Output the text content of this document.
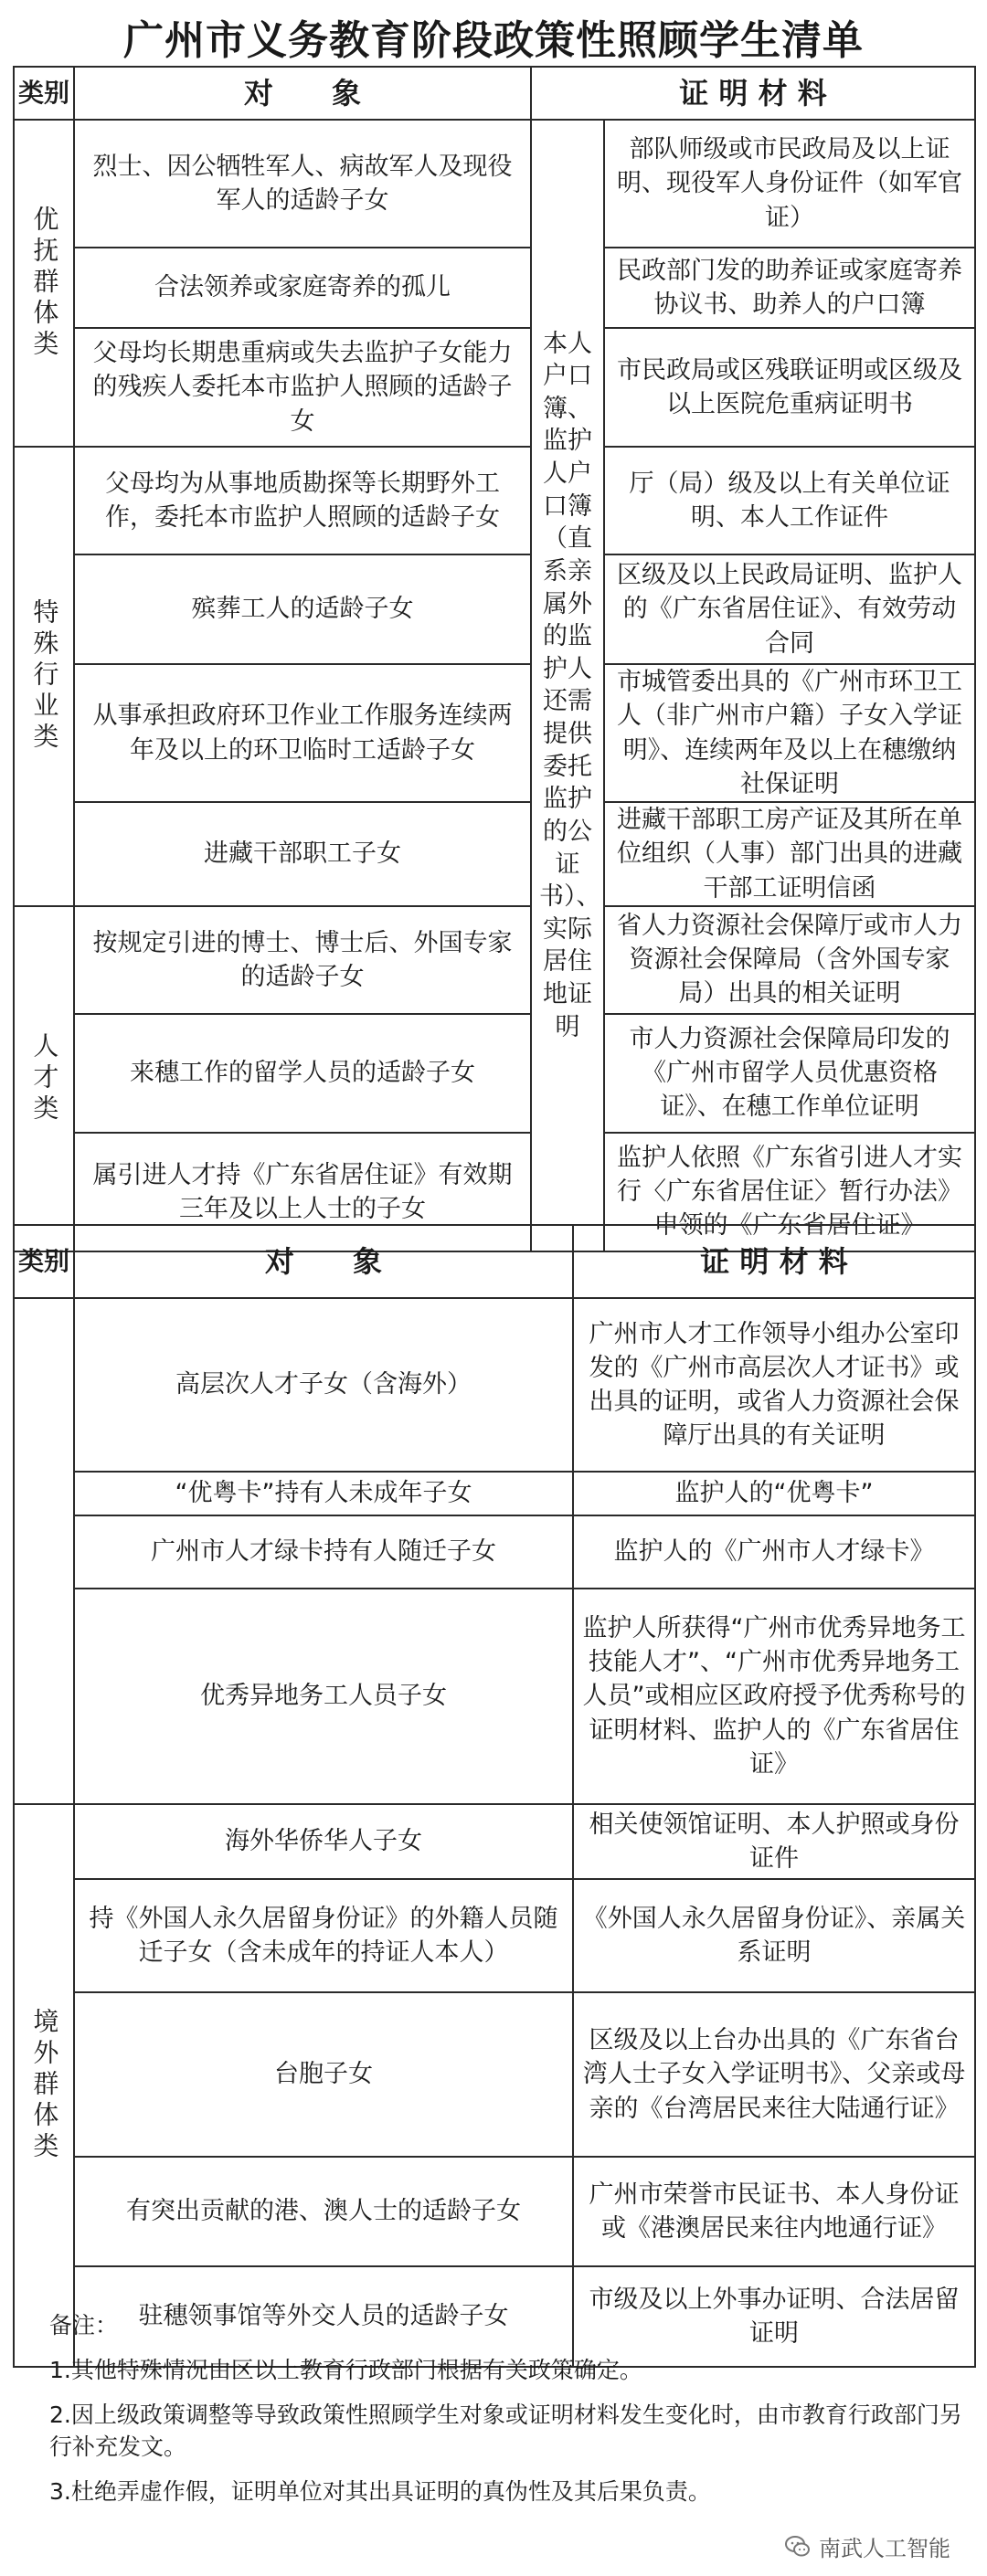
广州市义务教育阶段政策性照顾学生清单
类别	对　　象	证 明 材 料	
优抚群体类	烈士、因公牺牲军人、病故军人及现役军人的适龄子女	本人户口簿、监护人户口簿（直系亲属外的监护人还需提供委托监护的公证书）、实际居住地证明	部队师级或市民政局及以上证明、现役军人身份证件（如军官证）
	合法领养或家庭寄养的孤儿		民政部门发的助养证或家庭寄养协议书、助养人的户口簿
	父母均长期患重病或失去监护子女能力的残疾人委托本市监护人照顾的适龄子女		市民政局或区残联证明或区级及以上医院危重病证明书
特殊行业类	父母均为从事地质勘探等长期野外工作，委托本市监护人照顾的适龄子女		厅（局）级及以上有关单位证明、本人工作证件
	殡葬工人的适龄子女		区级及以上民政局证明、监护人的《广东省居住证》、有效劳动合同
	从事承担政府环卫作业工作服务连续两年及以上的环卫临时工适龄子女		市城管委出具的《广州市环卫工人（非广州市户籍）子女入学证明》、连续两年及以上在穗缴纳社保证明
	进藏干部职工子女		进藏干部职工房产证及其所在单位组织（人事）部门出具的进藏干部工证明信函
人才类	按规定引进的博士、博士后、外国专家的适龄子女		省人力资源社会保障厅或市人力资源社会保障局（含外国专家局）出具的相关证明
	来穗工作的留学人员的适龄子女		市人力资源社会保障局印发的《广州市留学人员优惠资格证》、在穗工作单位证明
	属引进人才持《广东省居住证》有效期三年及以上人士的子女		监护人依照《广东省引进人才实行〈广东省居住证〉暂行办法》申领的《广东省居住证》
类别	对　　象	证 明 材 料
	高层次人才子女（含海外）	广州市人才工作领导小组办公室印发的《广州市高层次人才证书》或出具的证明，或省人力资源社会保障厅出具的有关证明
	“优粤卡”持有人未成年子女	监护人的“优粤卡”
	广州市人才绿卡持有人随迁子女	监护人的《广州市人才绿卡》
	优秀异地务工人员子女	监护人所获得“广州市优秀异地务工技能人才”、“广州市优秀异地务工人员”或相应区政府授予优秀称号的证明材料、监护人的《广东省居住证》
境外群体类	海外华侨华人子女	相关使领馆证明、本人护照或身份证件
	持《外国人永久居留身份证》的外籍人员随迁子女（含未成年的持证人本人）	《外国人永久居留身份证》、亲属关系证明
	台胞子女	区级及以上台办出具的《广东省台湾人士子女入学证明书》、父亲或母亲的《台湾居民来往大陆通行证》
	有突出贡献的港、澳人士的适龄子女	广州市荣誉市民证书、本人身份证或《港澳居民来往内地通行证》
	驻穗领事馆等外交人员的适龄子女	市级及以上外事办证明、合法居留证明
备注：
1.其他特殊情况由区以上教育行政部门根据有关政策确定。
2.因上级政策调整等导致政策性照顾学生对象或证明材料发生变化时，由市教育行政部门另行补充发文。
3.杜绝弄虚作假，证明单位对其出具证明的真伪性及其后果负责。
南武人工智能
